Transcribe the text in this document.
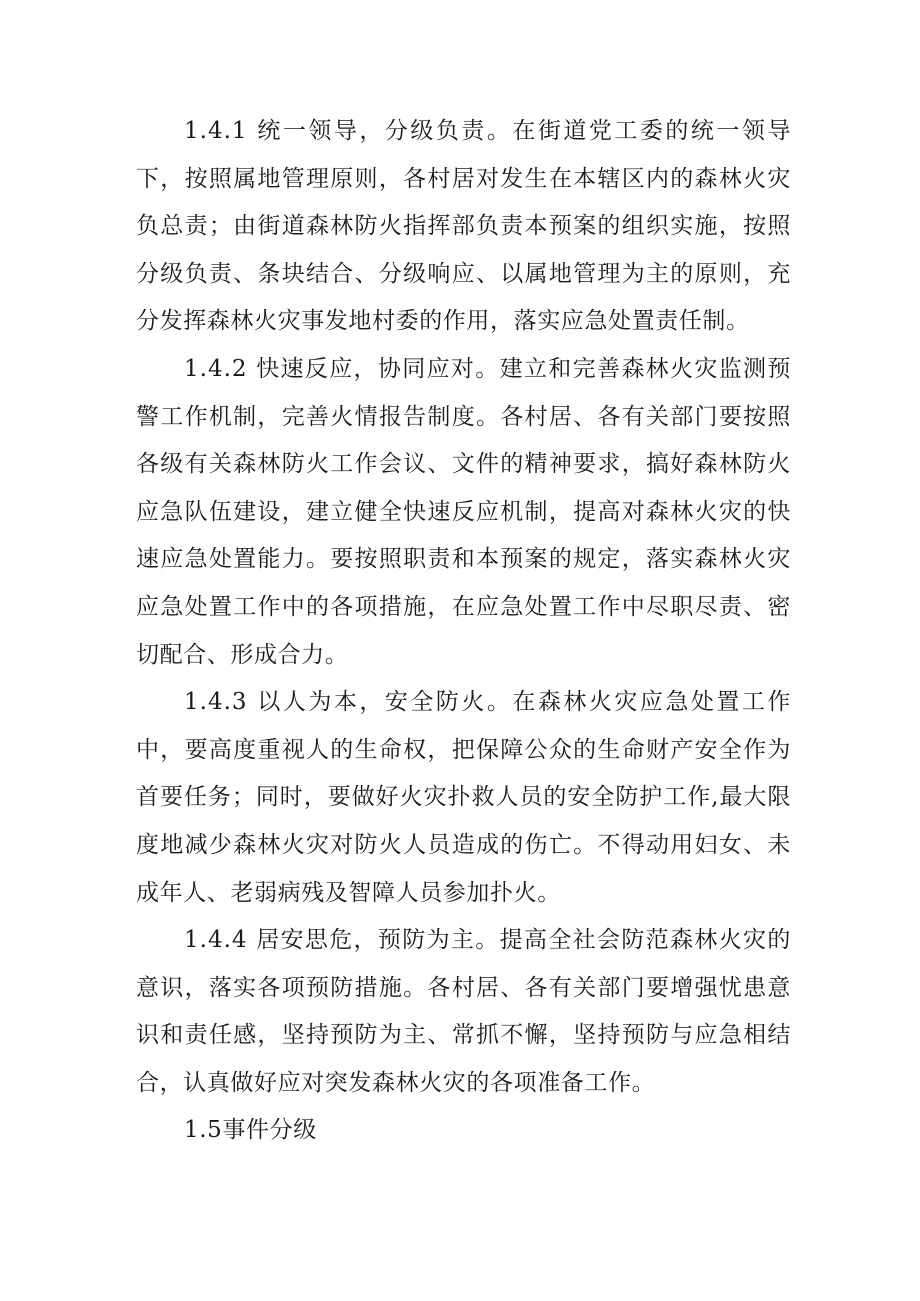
1.4.1 统一领导，分级负责。在街道党工委的统一领导下，按照属地管理原则，各村居对发生在本辖区内的森林火灾负总责；由街道森林防火指挥部负责本预案的组织实施，按照分级负责、条块结合、分级响应、以属地管理为主的原则，充分发挥森林火灾事发地村委的作用，落实应急处置责任制。

1.4.2 快速反应，协同应对。建立和完善森林火灾监测预警工作机制，完善火情报告制度。各村居、各有关部门要按照各级有关森林防火工作会议、文件的精神要求，搞好森林防火应急队伍建设，建立健全快速反应机制，提高对森林火灾的快速应急处置能力。要按照职责和本预案的规定，落实森林火灾应急处置工作中的各项措施，在应急处置工作中尽职尽责、密切配合、形成合力。

1.4.3 以人为本，安全防火。在森林火灾应急处置工作中，要高度重视人的生命权，把保障公众的生命财产安全作为首要任务；同时，要做好火灾扑救人员的安全防护工作,最大限度地减少森林火灾对防火人员造成的伤亡。不得动用妇女、未成年人、老弱病残及智障人员参加扑火。

1.4.4 居安思危，预防为主。提高全社会防范森林火灾的意识，落实各项预防措施。各村居、各有关部门要增强忧患意识和责任感，坚持预防为主、常抓不懈，坚持预防与应急相结合，认真做好应对突发森林火灾的各项准备工作。

1.5事件分级
